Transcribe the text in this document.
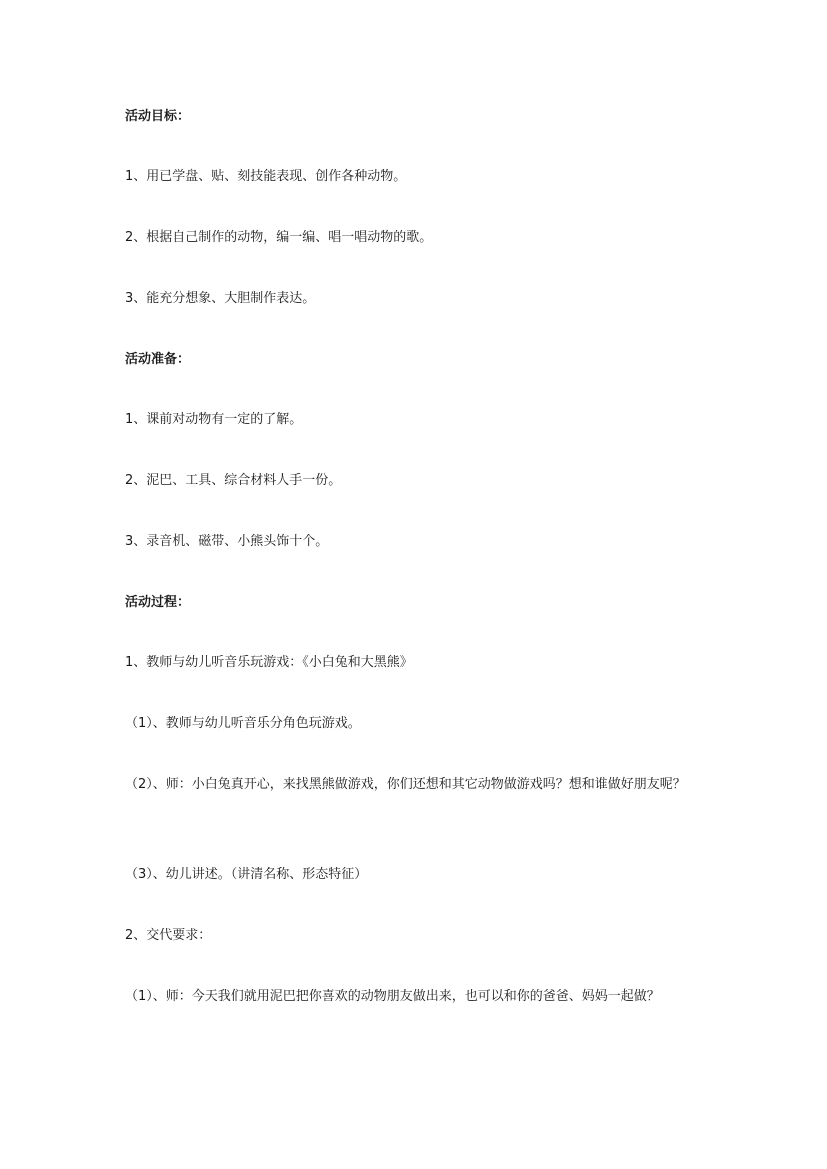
活动目标：
1、用已学盘、贴、刻技能表现、创作各种动物。
2、根据自己制作的动物，编一编、唱一唱动物的歌。
3、能充分想象、大胆制作表达。
活动准备：
1、课前对动物有一定的了解。
2、泥巴、工具、综合材料人手一份。
3、录音机、磁带、小熊头饰十个。
活动过程：
1、教师与幼儿听音乐玩游戏：《小白兔和大黑熊》
（1）、教师与幼儿听音乐分角色玩游戏。
（2）、师：小白兔真开心，来找黑熊做游戏，你们还想和其它动物做游戏吗？想和谁做好朋友呢？
（3）、幼儿讲述。（讲清名称、形态特征）
2、交代要求：
（1）、师：今天我们就用泥巴把你喜欢的动物朋友做出来，也可以和你的爸爸、妈妈一起做？
